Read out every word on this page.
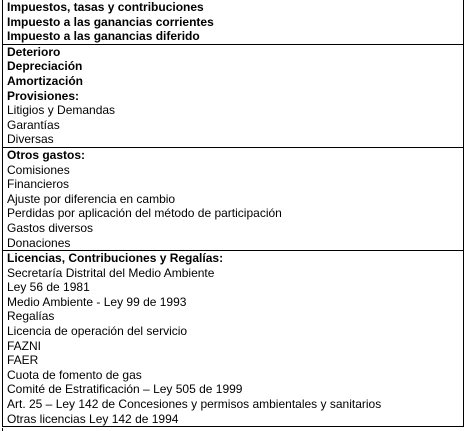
Impuestos, tasas y contribuciones
Impuesto a las ganancias corrientes
Impuesto a las ganancias diferido
Deterioro
Depreciación
Amortización
Provisiones:
Litigios y Demandas
Garantías
Diversas
Otros gastos:
Comisiones
Financieros
Ajuste por diferencia en cambio
Perdidas por aplicación del método de participación
Gastos diversos
Donaciones
Licencias, Contribuciones y Regalías:
Secretaría Distrital del Medio Ambiente
Ley 56 de 1981
Medio Ambiente - Ley 99 de 1993
Regalías
Licencia de operación del servicio
FAZNI
FAER
Cuota de fomento de gas
Comité de Estratificación – Ley 505 de 1999
Art. 25 – Ley 142 de Concesiones y permisos ambientales y sanitarios
Otras licencias Ley 142 de 1994
